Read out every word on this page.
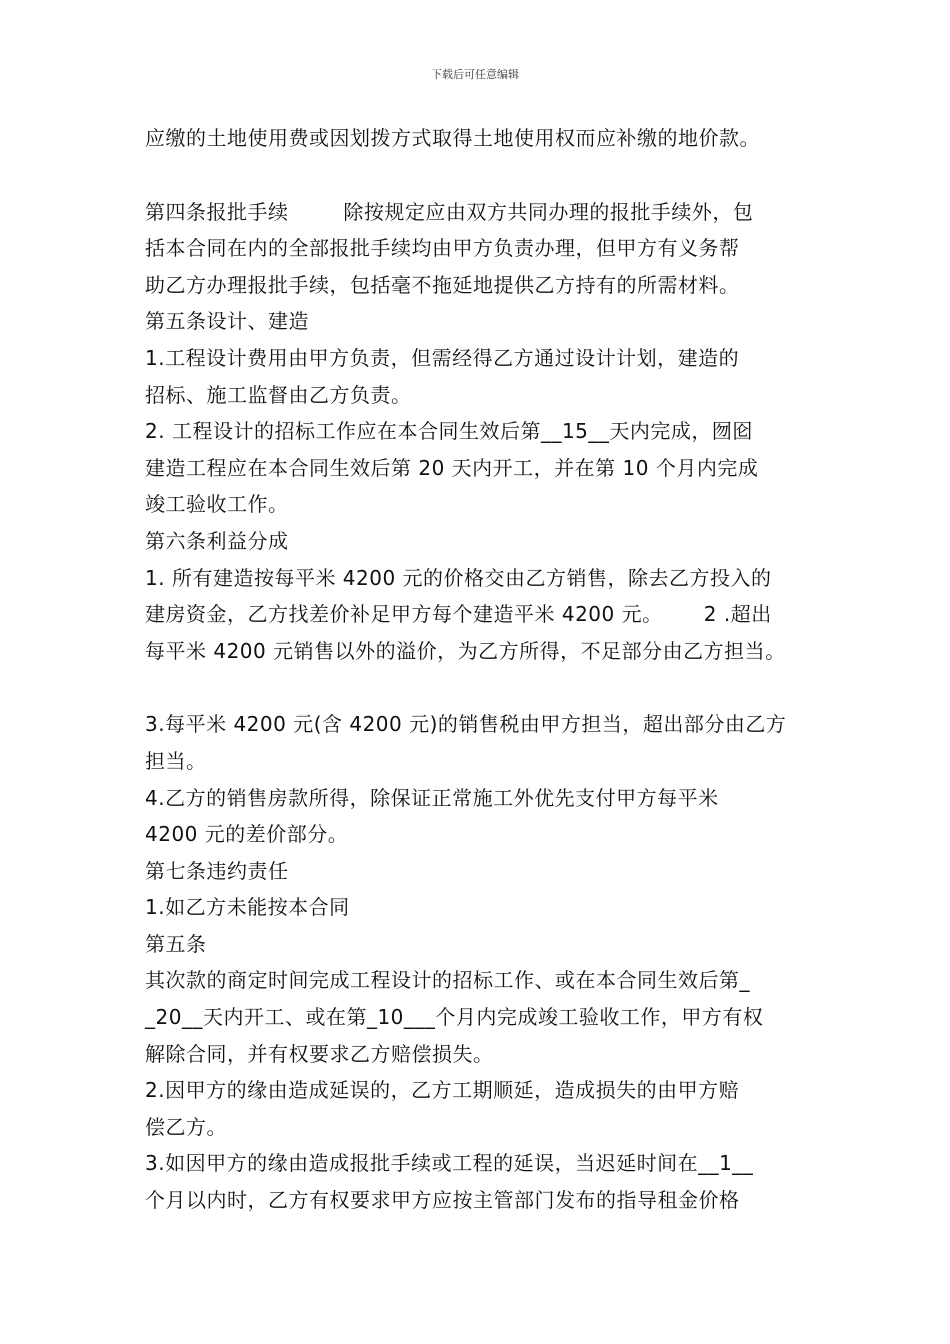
下载后可任意编辑
应缴的土地使用费或因划拨方式取得土地使用权而应补缴的地价款。
第四条报批手续        除按规定应由双方共同办理的报批手续外，包
括本合同在内的全部报批手续均由甲方负责办理，但甲方有义务帮
助乙方办理报批手续，包括毫不拖延地提供乙方持有的所需材料。
第五条设计、建造
1.工程设计费用由甲方负责，但需经得乙方通过设计计划，建造的
招标、施工监督由乙方负责。
2. 工程设计的招标工作应在本合同生效后第__15__天内完成，囫囵
建造工程应在本合同生效后第 20 天内开工，并在第 10 个月内完成
竣工验收工作。
第六条利益分成
1. 所有建造按每平米 4200 元的价格交由乙方销售，除去乙方投入的
建房资金，乙方找差价补足甲方每个建造平米 4200 元。      2 .超出
每平米 4200 元销售以外的溢价，为乙方所得，不足部分由乙方担当。
3.每平米 4200 元(含 4200 元)的销售税由甲方担当，超出部分由乙方
担当。
4.乙方的销售房款所得，除保证正常施工外优先支付甲方每平米
4200 元的差价部分。
第七条违约责任
1.如乙方未能按本合同
第五条
其次款的商定时间完成工程设计的招标工作、或在本合同生效后第_
_20__天内开工、或在第_10___个月内完成竣工验收工作，甲方有权
解除合同，并有权要求乙方赔偿损失。
2.因甲方的缘由造成延误的，乙方工期顺延，造成损失的由甲方赔
偿乙方。
3.如因甲方的缘由造成报批手续或工程的延误，当迟延时间在__1__
个月以内时，乙方有权要求甲方应按主管部门发布的指导租金价格
